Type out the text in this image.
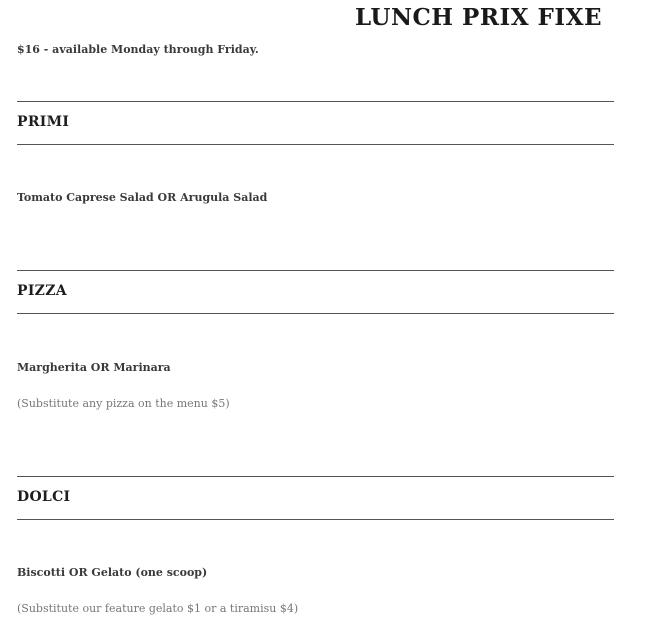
LUNCH PRIX FIXE
$16 - available Monday through Friday.
PRIMI
Tomato Caprese Salad OR Arugula Salad
PIZZA
Margherita OR Marinara
(Substitute any pizza on the menu $5)
DOLCI
Biscotti OR Gelato (one scoop)
(Substitute our feature gelato $1 or a tiramisu $4)
